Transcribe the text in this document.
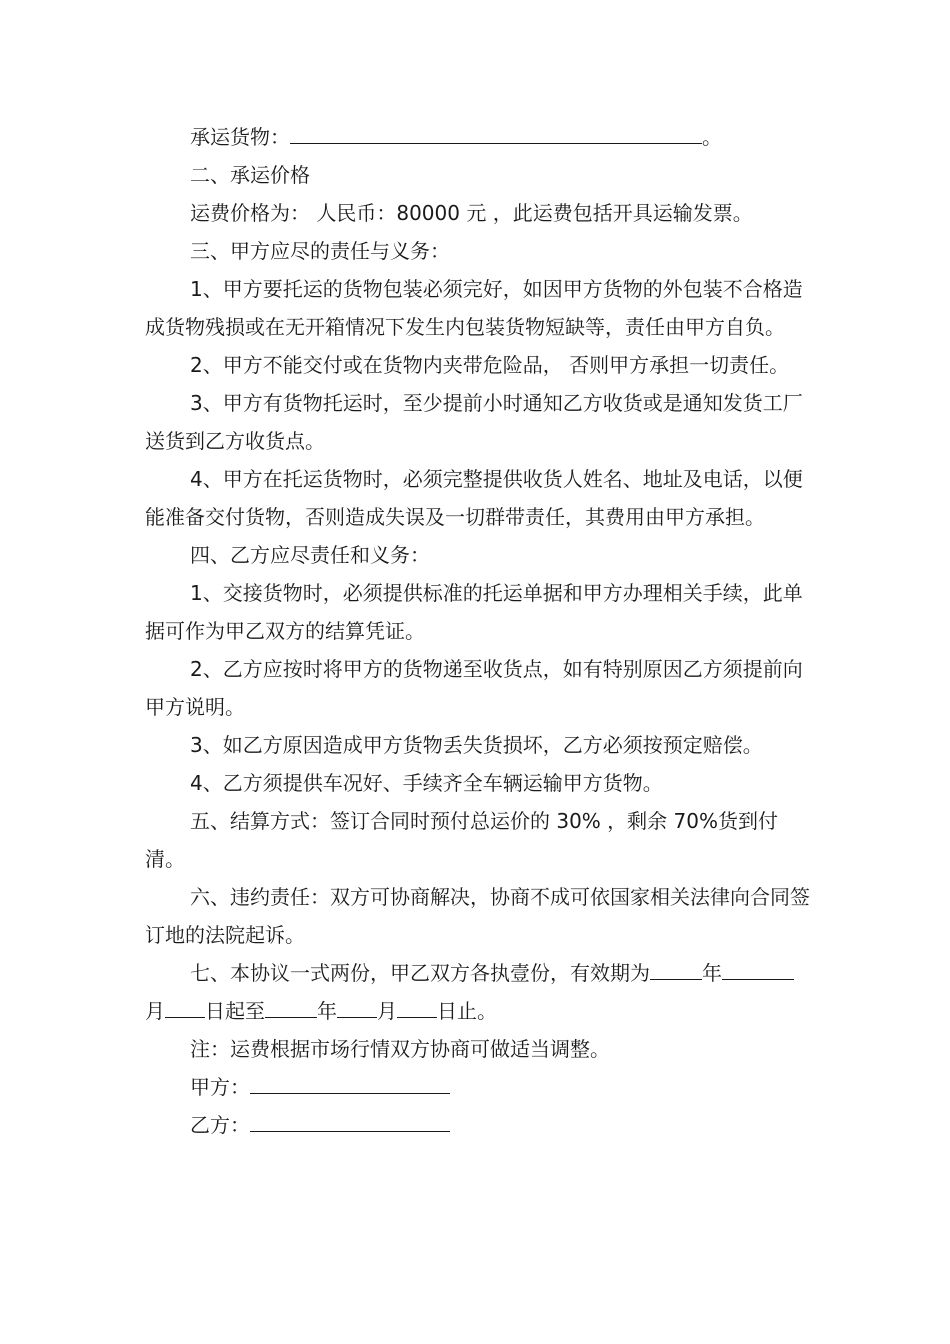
承运货物：	。

二、承运价格

运费价格为： 人民币：80000 元 ，此运费包括开具运输发票。

三、甲方应尽的责任与义务：

1、甲方要托运的货物包装必须完好，如因甲方货物的外包装不合格造成货物残损或在无开箱情况下发生内包装货物短缺等，责任由甲方自负。

2、甲方不能交付或在货物内夹带危险品， 否则甲方承担一切责任。

3、甲方有货物托运时，至少提前小时通知乙方收货或是通知发货工厂送货到乙方收货点。

4、甲方在托运货物时，必须完整提供收货人姓名、地址及电话，以便能准备交付货物，否则造成失误及一切群带责任，其费用由甲方承担。

四、乙方应尽责任和义务：

1、交接货物时，必须提供标准的托运单据和甲方办理相关手续，此单据可作为甲乙双方的结算凭证。

2、乙方应按时将甲方的货物递至收货点，如有特别原因乙方须提前向甲方说明。

3、如乙方原因造成甲方货物丢失货损坏，乙方必须按预定赔偿。

4、乙方须提供车况好、手续齐全车辆运输甲方货物。

五、结算方式：签订合同时预付总运价的 30% ，剩余 70%货到付清。

六、违约责任：双方可协商解决，协商不成可依国家相关法律向合同签订地的法院起诉。

七、本协议一式两份，甲乙双方各执壹份，有效期为	年月 日起至	年 月 日止。

注：运费根据市场行情双方协商可做适当调整。

甲方：

乙方：
